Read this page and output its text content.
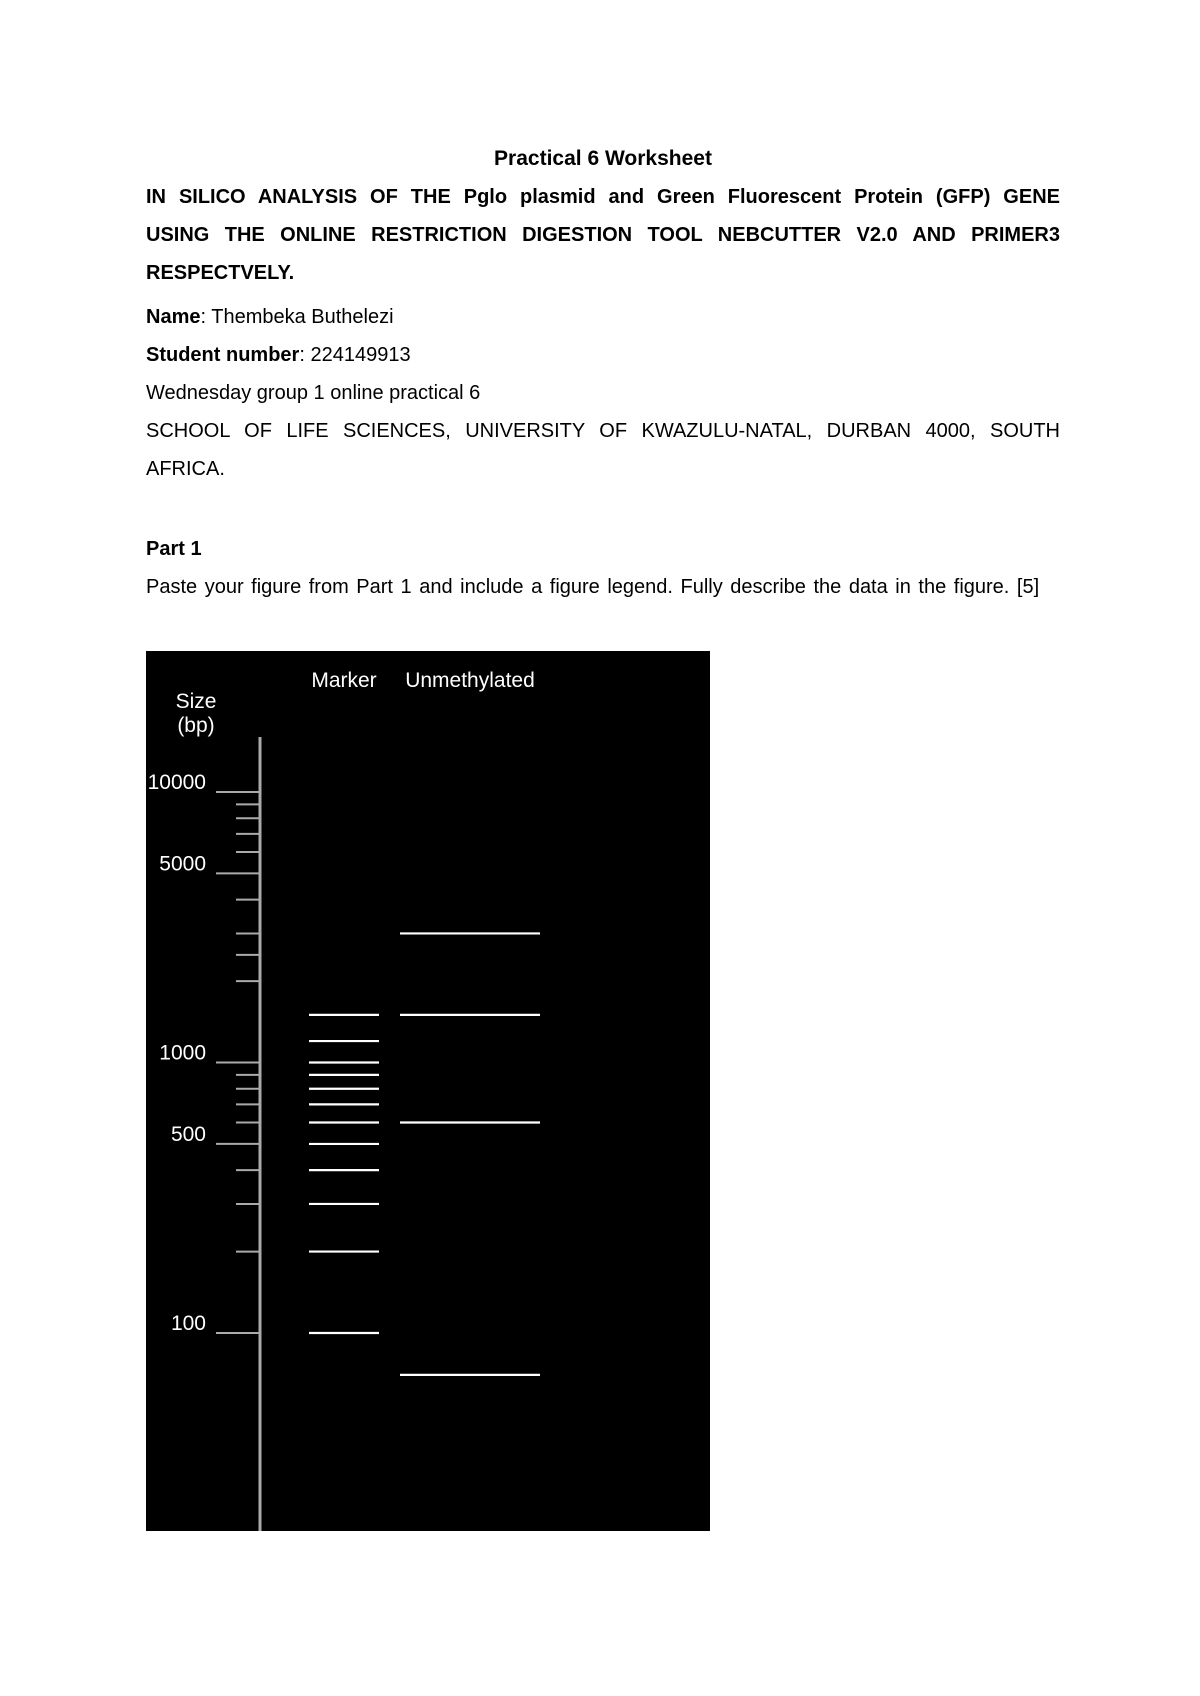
Practical 6 Worksheet
IN SILICO ANALYSIS OF THE Pglo plasmid and Green Fluorescent Protein (GFP) GENE USING THE ONLINE RESTRICTION DIGESTION TOOL NEBCUTTER V2.0 AND PRIMER3 RESPECTVELY.
Name: Thembeka Buthelezi
Student number: 224149913
Wednesday group 1 online practical 6
SCHOOL OF LIFE SCIENCES, UNIVERSITY OF KWAZULU-NATAL, DURBAN 4000, SOUTH AFRICA.
Part 1
Paste your figure from Part 1 and include a figure legend. Fully describe the data in the figure. [5]
Marker Unmethylated
Size
(bp)
10000
5000
1000
500
100
